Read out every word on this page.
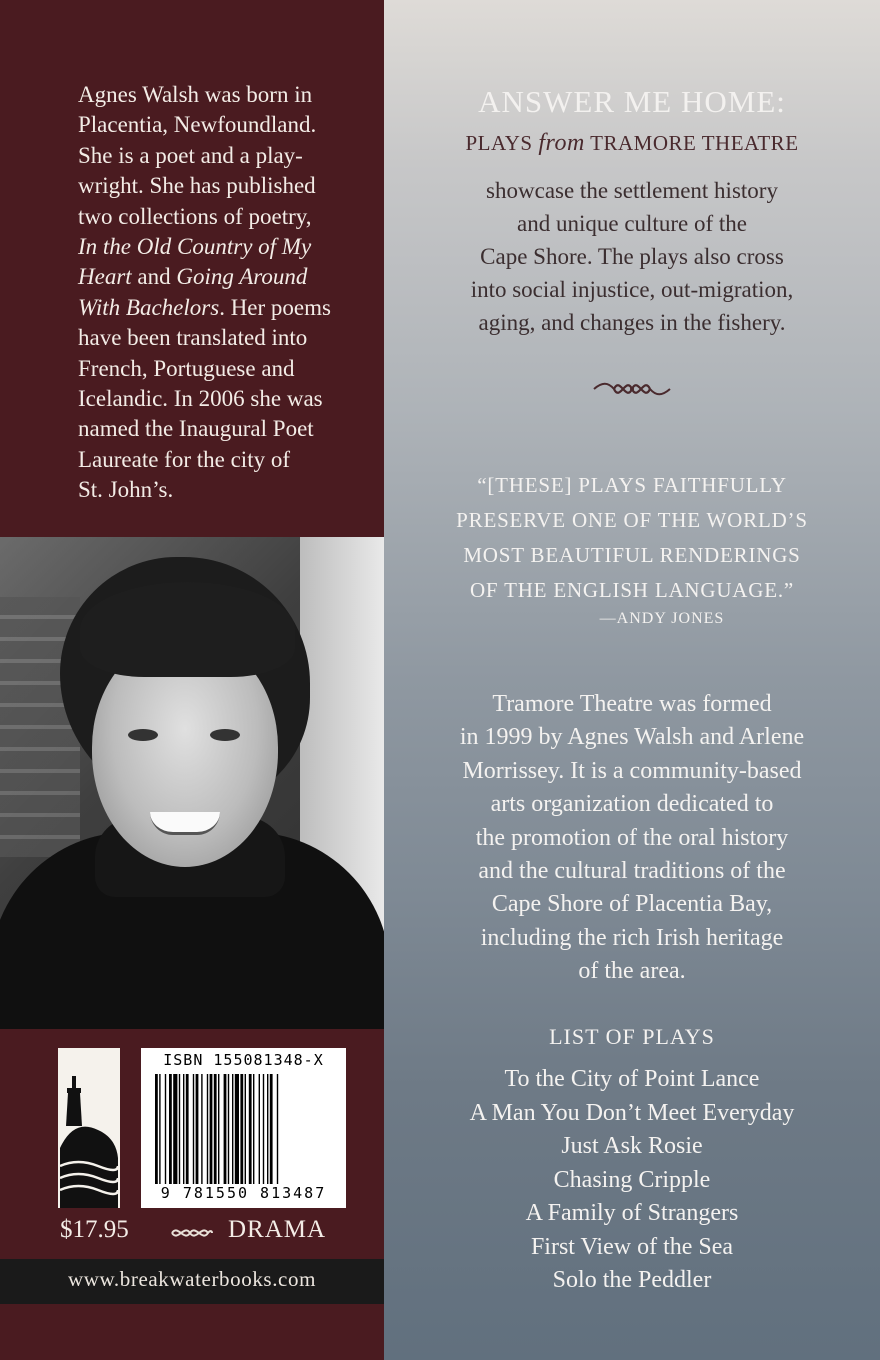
Agnes Walsh was born in
Placentia, Newfoundland.
She is a poet and a play-
wright. She has published
two collections of poetry,
In the Old Country of My
Heart and Going Around
With Bachelors. Her poems
have been translated into
French, Portuguese and
Icelandic. In 2006 she was
named the Inaugural Poet
Laureate for the city of
St. John’s.
ISBN 155081348-X
9 781550 813487
$17.95	DRAMA
www.breakwaterbooks.com
ANSWER ME HOME:
PLAYS from TRAMORE THEATRE
showcase the settlement history
and unique culture of the
Cape Shore. The plays also cross
into social injustice, out-migration,
aging, and changes in the fishery.
“[THESE] PLAYS FAITHFULLY
PRESERVE ONE OF THE WORLD’S
MOST BEAUTIFUL RENDERINGS
OF THE ENGLISH LANGUAGE.”
—ANDY JONES
Tramore Theatre was formed
in 1999 by Agnes Walsh and Arlene
Morrissey. It is a community-based
arts organization dedicated to
the promotion of the oral history
and the cultural traditions of the
Cape Shore of Placentia Bay,
including the rich Irish heritage
of the area.
LIST OF PLAYS
To the City of Point Lance
A Man You Don’t Meet Everyday
Just Ask Rosie
Chasing Cripple
A Family of Strangers
First View of the Sea
Solo the Peddler
